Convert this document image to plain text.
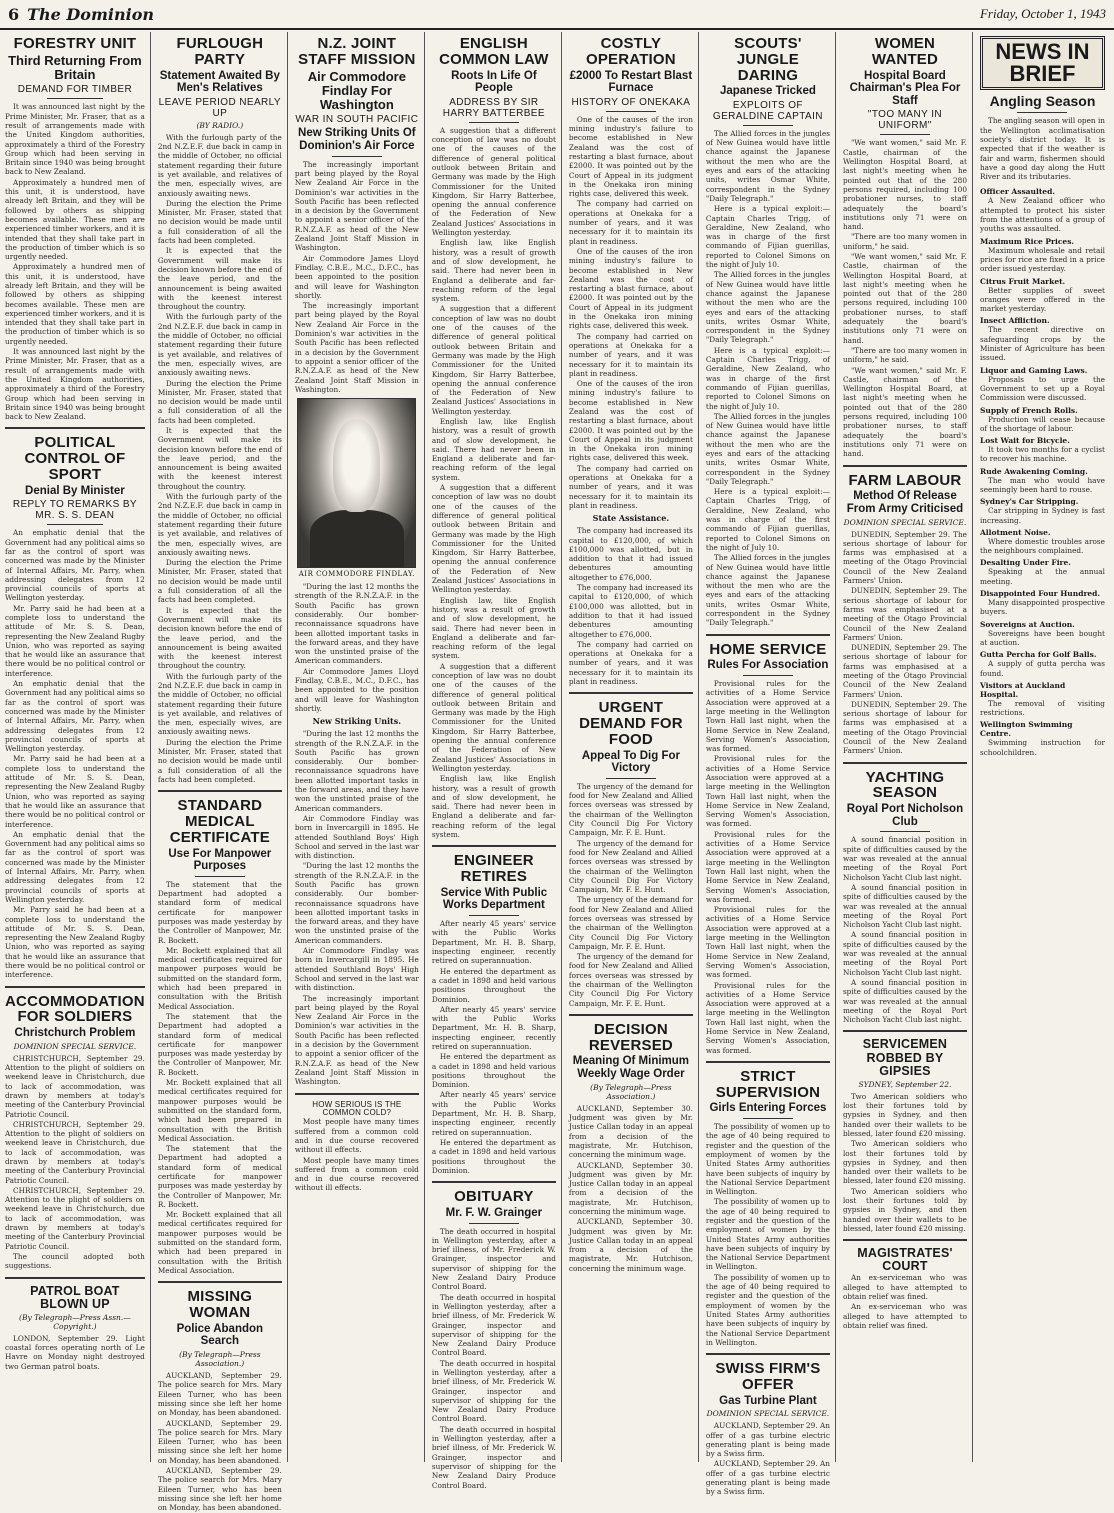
6 The Dominion	Friday, October 1, 1943
FORESTRY UNIT
Third Returning From Britain
DEMAND FOR TIMBER

It was announced last night by the Prime Minister, Mr. Fraser, that as a result of arrangements made with the United Kingdom authorities, approximately a third of the Forestry Group which had been serving in Britain since 1940 was being brought back to New Zealand.

Approximately a hundred men of this unit, it is understood, have already left Britain, and they will be followed by others as shipping becomes available. These men are experienced timber workers, and it is intended that they shall take part in the production of timber which is so urgently needed.

Approximately a hundred men of this unit, it is understood, have already left Britain, and they will be followed by others as shipping becomes available. These men are experienced timber workers, and it is intended that they shall take part in the production of timber which is so urgently needed.

It was announced last night by the Prime Minister, Mr. Fraser, that as a result of arrangements made with the United Kingdom authorities, approximately a third of the Forestry Group which had been serving in Britain since 1940 was being brought back to New Zealand.

POLITICAL CONTROL OF SPORT
Denial By Minister
REPLY TO REMARKS BY MR. S. S. DEAN

An emphatic denial that the Government had any political aims so far as the control of sport was concerned was made by the Minister of Internal Affairs, Mr. Parry, when addressing delegates from 12 provincial councils of sports at Wellington yesterday.

Mr. Parry said he had been at a complete loss to understand the attitude of Mr. S. S. Dean, representing the New Zealand Rugby Union, who was reported as saying that he would like an assurance that there would be no political control or interference.

An emphatic denial that the Government had any political aims so far as the control of sport was concerned was made by the Minister of Internal Affairs, Mr. Parry, when addressing delegates from 12 provincial councils of sports at Wellington yesterday.

Mr. Parry said he had been at a complete loss to understand the attitude of Mr. S. S. Dean, representing the New Zealand Rugby Union, who was reported as saying that he would like an assurance that there would be no political control or interference.

An emphatic denial that the Government had any political aims so far as the control of sport was concerned was made by the Minister of Internal Affairs, Mr. Parry, when addressing delegates from 12 provincial councils of sports at Wellington yesterday.

Mr. Parry said he had been at a complete loss to understand the attitude of Mr. S. S. Dean, representing the New Zealand Rugby Union, who was reported as saying that he would like an assurance that there would be no political control or interference.

ACCOMMODATION FOR SOLDIERS
Christchurch Problem
DOMINION SPECIAL SERVICE.

CHRISTCHURCH, September 29. Attention to the plight of soldiers on weekend leave in Christchurch, due to lack of accommodation, was drawn by members at today's meeting of the Canterbury Provincial Patriotic Council.

CHRISTCHURCH, September 29. Attention to the plight of soldiers on weekend leave in Christchurch, due to lack of accommodation, was drawn by members at today's meeting of the Canterbury Provincial Patriotic Council.

CHRISTCHURCH, September 29. Attention to the plight of soldiers on weekend leave in Christchurch, due to lack of accommodation, was drawn by members at today's meeting of the Canterbury Provincial Patriotic Council.

The council adopted both suggestions.

PATROL BOAT BLOWN UP
(By Telegraph—Press Assn.—Copyright.)

LONDON, September 29. Light coastal forces operating north of Le Havre on Monday night destroyed two German patrol boats.

FURLOUGH PARTY
Statement Awaited By Men's Relatives
LEAVE PERIOD NEARLY UP
(BY RADIO.)

With the furlough party of the 2nd N.Z.E.F. due back in camp in the middle of October, no official statement regarding their future is yet available, and relatives of the men, especially wives, are anxiously awaiting news.

During the election the Prime Minister, Mr. Fraser, stated that no decision would be made until a full consideration of all the facts had been completed.

It is expected that the Government will make its decision known before the end of the leave period, and the announcement is being awaited with the keenest interest throughout the country.

With the furlough party of the 2nd N.Z.E.F. due back in camp in the middle of October, no official statement regarding their future is yet available, and relatives of the men, especially wives, are anxiously awaiting news.

During the election the Prime Minister, Mr. Fraser, stated that no decision would be made until a full consideration of all the facts had been completed.

It is expected that the Government will make its decision known before the end of the leave period, and the announcement is being awaited with the keenest interest throughout the country.

With the furlough party of the 2nd N.Z.E.F. due back in camp in the middle of October, no official statement regarding their future is yet available, and relatives of the men, especially wives, are anxiously awaiting news.

During the election the Prime Minister, Mr. Fraser, stated that no decision would be made until a full consideration of all the facts had been completed.

It is expected that the Government will make its decision known before the end of the leave period, and the announcement is being awaited with the keenest interest throughout the country.

With the furlough party of the 2nd N.Z.E.F. due back in camp in the middle of October, no official statement regarding their future is yet available, and relatives of the men, especially wives, are anxiously awaiting news.

During the election the Prime Minister, Mr. Fraser, stated that no decision would be made until a full consideration of all the facts had been completed.

STANDARD MEDICAL CERTIFICATE
Use For Manpower Purposes

The statement that the Department had adopted a standard form of medical certificate for manpower purposes was made yesterday by the Controller of Manpower, Mr. R. Bockett.

Mr. Bockett explained that all medical certificates required for manpower purposes would be submitted on the standard form, which had been prepared in consultation with the British Medical Association.

The statement that the Department had adopted a standard form of medical certificate for manpower purposes was made yesterday by the Controller of Manpower, Mr. R. Bockett.

Mr. Bockett explained that all medical certificates required for manpower purposes would be submitted on the standard form, which had been prepared in consultation with the British Medical Association.

The statement that the Department had adopted a standard form of medical certificate for manpower purposes was made yesterday by the Controller of Manpower, Mr. R. Bockett.

Mr. Bockett explained that all medical certificates required for manpower purposes would be submitted on the standard form, which had been prepared in consultation with the British Medical Association.

MISSING WOMAN
Police Abandon Search
(By Telegraph—Press Association.)

AUCKLAND, September 29. The police search for Mrs. Mary Eileen Turner, who has been missing since she left her home on Monday, has been abandoned.

AUCKLAND, September 29. The police search for Mrs. Mary Eileen Turner, who has been missing since she left her home on Monday, has been abandoned.

AUCKLAND, September 29. The police search for Mrs. Mary Eileen Turner, who has been missing since she left her home on Monday, has been abandoned.

N.Z. JOINT STAFF MISSION
Air Commodore Findlay For Washington
WAR IN SOUTH PACIFIC
New Striking Units Of Dominion's Air Force

The increasingly important part being played by the Royal New Zealand Air Force in the Dominion's war activities in the South Pacific has been reflected in a decision by the Government to appoint a senior officer of the R.N.Z.A.F. as head of the New Zealand Joint Staff Mission in Washington.

Air Commodore James Lloyd Findlay, C.B.E., M.C., D.F.C., has been appointed to the position and will leave for Washington shortly.

The increasingly important part being played by the Royal New Zealand Air Force in the Dominion's war activities in the South Pacific has been reflected in a decision by the Government to appoint a senior officer of the R.N.Z.A.F. as head of the New Zealand Joint Staff Mission in Washington.

AIR COMMODORE FINDLAY.

"During the last 12 months the strength of the R.N.Z.A.F. in the South Pacific has grown considerably. Our bomber-reconnaissance squadrons have been allotted important tasks in the forward areas, and they have won the unstinted praise of the American commanders.

Air Commodore James Lloyd Findlay, C.B.E., M.C., D.F.C., has been appointed to the position and will leave for Washington shortly.

New Striking Units.

"During the last 12 months the strength of the R.N.Z.A.F. in the South Pacific has grown considerably. Our bomber-reconnaissance squadrons have been allotted important tasks in the forward areas, and they have won the unstinted praise of the American commanders.

Air Commodore Findlay was born in Invercargill in 1895. He attended Southland Boys' High School and served in the last war with distinction.

"During the last 12 months the strength of the R.N.Z.A.F. in the South Pacific has grown considerably. Our bomber-reconnaissance squadrons have been allotted important tasks in the forward areas, and they have won the unstinted praise of the American commanders.

Air Commodore Findlay was born in Invercargill in 1895. He attended Southland Boys' High School and served in the last war with distinction.

The increasingly important part being played by the Royal New Zealand Air Force in the Dominion's war activities in the South Pacific has been reflected in a decision by the Government to appoint a senior officer of the R.N.Z.A.F. as head of the New Zealand Joint Staff Mission in Washington.

HOW SERIOUS IS THE COMMON COLD?

Most people have many times suffered from a common cold and in due course recovered without ill effects.

Most people have many times suffered from a common cold and in due course recovered without ill effects.

ENGLISH COMMON LAW
Roots In Life Of People
ADDRESS BY SIR HARRY BATTERBEE

A suggestion that a different conception of law was no doubt one of the causes of the difference of general political outlook between Britain and Germany was made by the High Commissioner for the United Kingdom, Sir Harry Batterbee, opening the annual conference of the Federation of New Zealand Justices' Associations in Wellington yesterday.

English law, like English history, was a result of growth and of slow development, he said. There had never been in England a deliberate and far-reaching reform of the legal system.

A suggestion that a different conception of law was no doubt one of the causes of the difference of general political outlook between Britain and Germany was made by the High Commissioner for the United Kingdom, Sir Harry Batterbee, opening the annual conference of the Federation of New Zealand Justices' Associations in Wellington yesterday.

English law, like English history, was a result of growth and of slow development, he said. There had never been in England a deliberate and far-reaching reform of the legal system.

A suggestion that a different conception of law was no doubt one of the causes of the difference of general political outlook between Britain and Germany was made by the High Commissioner for the United Kingdom, Sir Harry Batterbee, opening the annual conference of the Federation of New Zealand Justices' Associations in Wellington yesterday.

English law, like English history, was a result of growth and of slow development, he said. There had never been in England a deliberate and far-reaching reform of the legal system.

A suggestion that a different conception of law was no doubt one of the causes of the difference of general political outlook between Britain and Germany was made by the High Commissioner for the United Kingdom, Sir Harry Batterbee, opening the annual conference of the Federation of New Zealand Justices' Associations in Wellington yesterday.

English law, like English history, was a result of growth and of slow development, he said. There had never been in England a deliberate and far-reaching reform of the legal system.

ENGINEER RETIRES
Service With Public Works Department

After nearly 45 years' service with the Public Works Department, Mr. H. B. Sharp, inspecting engineer, recently retired on superannuation.

He entered the department as a cadet in 1898 and held various positions throughout the Dominion.

After nearly 45 years' service with the Public Works Department, Mr. H. B. Sharp, inspecting engineer, recently retired on superannuation.

He entered the department as a cadet in 1898 and held various positions throughout the Dominion.

After nearly 45 years' service with the Public Works Department, Mr. H. B. Sharp, inspecting engineer, recently retired on superannuation.

He entered the department as a cadet in 1898 and held various positions throughout the Dominion.

OBITUARY
Mr. F. W. Grainger

The death occurred in hospital in Wellington yesterday, after a brief illness, of Mr. Frederick W. Grainger, inspector and supervisor of shipping for the New Zealand Dairy Produce Control Board.

The death occurred in hospital in Wellington yesterday, after a brief illness, of Mr. Frederick W. Grainger, inspector and supervisor of shipping for the New Zealand Dairy Produce Control Board.

The death occurred in hospital in Wellington yesterday, after a brief illness, of Mr. Frederick W. Grainger, inspector and supervisor of shipping for the New Zealand Dairy Produce Control Board.

The death occurred in hospital in Wellington yesterday, after a brief illness, of Mr. Frederick W. Grainger, inspector and supervisor of shipping for the New Zealand Dairy Produce Control Board.

COSTLY OPERATION
£2000 To Restart Blast Furnace
HISTORY OF ONEKAKA

One of the causes of the iron mining industry's failure to become established in New Zealand was the cost of restarting a blast furnace, about £2000. It was pointed out by the Court of Appeal in its judgment in the Onekaka iron mining rights case, delivered this week.

The company had carried on operations at Onekaka for a number of years, and it was necessary for it to maintain its plant in readiness.

One of the causes of the iron mining industry's failure to become established in New Zealand was the cost of restarting a blast furnace, about £2000. It was pointed out by the Court of Appeal in its judgment in the Onekaka iron mining rights case, delivered this week.

The company had carried on operations at Onekaka for a number of years, and it was necessary for it to maintain its plant in readiness.

One of the causes of the iron mining industry's failure to become established in New Zealand was the cost of restarting a blast furnace, about £2000. It was pointed out by the Court of Appeal in its judgment in the Onekaka iron mining rights case, delivered this week.

The company had carried on operations at Onekaka for a number of years, and it was necessary for it to maintain its plant in readiness.

State Assistance.

The company had increased its capital to £120,000, of which £100,000 was allotted, but in addition to that it had issued debentures amounting altogether to £76,000.

The company had increased its capital to £120,000, of which £100,000 was allotted, but in addition to that it had issued debentures amounting altogether to £76,000.

The company had carried on operations at Onekaka for a number of years, and it was necessary for it to maintain its plant in readiness.

URGENT DEMAND FOR FOOD
Appeal To Dig For Victory

The urgency of the demand for food for New Zealand and Allied forces overseas was stressed by the chairman of the Wellington City Council Dig For Victory Campaign, Mr. F. E. Hunt.

The urgency of the demand for food for New Zealand and Allied forces overseas was stressed by the chairman of the Wellington City Council Dig For Victory Campaign, Mr. F. E. Hunt.

The urgency of the demand for food for New Zealand and Allied forces overseas was stressed by the chairman of the Wellington City Council Dig For Victory Campaign, Mr. F. E. Hunt.

The urgency of the demand for food for New Zealand and Allied forces overseas was stressed by the chairman of the Wellington City Council Dig For Victory Campaign, Mr. F. E. Hunt.

DECISION REVERSED
Meaning Of Minimum Weekly Wage Order
(By Telegraph—Press Association.)

AUCKLAND, September 30. Judgment was given by Mr. Justice Callan today in an appeal from a decision of the magistrate, Mr. Hutchison, concerning the minimum wage.

AUCKLAND, September 30. Judgment was given by Mr. Justice Callan today in an appeal from a decision of the magistrate, Mr. Hutchison, concerning the minimum wage.

AUCKLAND, September 30. Judgment was given by Mr. Justice Callan today in an appeal from a decision of the magistrate, Mr. Hutchison, concerning the minimum wage.

SCOUTS' JUNGLE DARING
Japanese Tricked
EXPLOITS OF GERALDINE CAPTAIN

The Allied forces in the jungles of New Guinea would have little chance against the Japanese without the men who are the eyes and ears of the attacking units, writes Osmar White, correspondent in the Sydney "Daily Telegraph."

Here is a typical exploit:—Captain Charles Trigg, of Geraldine, New Zealand, who was in charge of the first commando of Fijian guerillas, reported to Colonel Simons on the night of July 10.

The Allied forces in the jungles of New Guinea would have little chance against the Japanese without the men who are the eyes and ears of the attacking units, writes Osmar White, correspondent in the Sydney "Daily Telegraph."

Here is a typical exploit:—Captain Charles Trigg, of Geraldine, New Zealand, who was in charge of the first commando of Fijian guerillas, reported to Colonel Simons on the night of July 10.

The Allied forces in the jungles of New Guinea would have little chance against the Japanese without the men who are the eyes and ears of the attacking units, writes Osmar White, correspondent in the Sydney "Daily Telegraph."

Here is a typical exploit:—Captain Charles Trigg, of Geraldine, New Zealand, who was in charge of the first commando of Fijian guerillas, reported to Colonel Simons on the night of July 10.

The Allied forces in the jungles of New Guinea would have little chance against the Japanese without the men who are the eyes and ears of the attacking units, writes Osmar White, correspondent in the Sydney "Daily Telegraph."

HOME SERVICE
Rules For Association

Provisional rules for the activities of a Home Service Association were approved at a large meeting in the Wellington Town Hall last night, when the Home Service in New Zealand, Serving Women's Association, was formed.

Provisional rules for the activities of a Home Service Association were approved at a large meeting in the Wellington Town Hall last night, when the Home Service in New Zealand, Serving Women's Association, was formed.

Provisional rules for the activities of a Home Service Association were approved at a large meeting in the Wellington Town Hall last night, when the Home Service in New Zealand, Serving Women's Association, was formed.

Provisional rules for the activities of a Home Service Association were approved at a large meeting in the Wellington Town Hall last night, when the Home Service in New Zealand, Serving Women's Association, was formed.

Provisional rules for the activities of a Home Service Association were approved at a large meeting in the Wellington Town Hall last night, when the Home Service in New Zealand, Serving Women's Association, was formed.

STRICT SUPERVISION
Girls Entering Forces

The possibility of women up to the age of 40 being required to register and the question of the employment of women by the United States Army authorities have been subjects of inquiry by the National Service Department in Wellington.

The possibility of women up to the age of 40 being required to register and the question of the employment of women by the United States Army authorities have been subjects of inquiry by the National Service Department in Wellington.

The possibility of women up to the age of 40 being required to register and the question of the employment of women by the United States Army authorities have been subjects of inquiry by the National Service Department in Wellington.

SWISS FIRM'S OFFER
Gas Turbine Plant
DOMINION SPECIAL SERVICE.

AUCKLAND, September 29. An offer of a gas turbine electric generating plant is being made by a Swiss firm.

AUCKLAND, September 29. An offer of a gas turbine electric generating plant is being made by a Swiss firm.

WOMEN WANTED
Hospital Board Chairman's Plea For Staff
"TOO MANY IN UNIFORM"

"We want women," said Mr. F. Castle, chairman of the Wellington Hospital Board, at last night's meeting when he pointed out that of the 280 persons required, including 100 probationer nurses, to staff adequately the board's institutions only 71 were on hand.

"There are too many women in uniform," he said.

"We want women," said Mr. F. Castle, chairman of the Wellington Hospital Board, at last night's meeting when he pointed out that of the 280 persons required, including 100 probationer nurses, to staff adequately the board's institutions only 71 were on hand.

"There are too many women in uniform," he said.

"We want women," said Mr. F. Castle, chairman of the Wellington Hospital Board, at last night's meeting when he pointed out that of the 280 persons required, including 100 probationer nurses, to staff adequately the board's institutions only 71 were on hand.

FARM LABOUR
Method Of Release From Army Criticised
DOMINION SPECIAL SERVICE.

DUNEDIN, September 29. The serious shortage of labour for farms was emphasised at a meeting of the Otago Provincial Council of the New Zealand Farmers' Union.

DUNEDIN, September 29. The serious shortage of labour for farms was emphasised at a meeting of the Otago Provincial Council of the New Zealand Farmers' Union.

DUNEDIN, September 29. The serious shortage of labour for farms was emphasised at a meeting of the Otago Provincial Council of the New Zealand Farmers' Union.

DUNEDIN, September 29. The serious shortage of labour for farms was emphasised at a meeting of the Otago Provincial Council of the New Zealand Farmers' Union.

YACHTING SEASON
Royal Port Nicholson Club

A sound financial position in spite of difficulties caused by the war was revealed at the annual meeting of the Royal Port Nicholson Yacht Club last night.

A sound financial position in spite of difficulties caused by the war was revealed at the annual meeting of the Royal Port Nicholson Yacht Club last night.

A sound financial position in spite of difficulties caused by the war was revealed at the annual meeting of the Royal Port Nicholson Yacht Club last night.

A sound financial position in spite of difficulties caused by the war was revealed at the annual meeting of the Royal Port Nicholson Yacht Club last night.

SERVICEMEN ROBBED BY GIPSIES
SYDNEY, September 22.

Two American soldiers who lost their fortunes told by gypsies in Sydney, and then handed over their wallets to be blessed, later found £20 missing.

Two American soldiers who lost their fortunes told by gypsies in Sydney, and then handed over their wallets to be blessed, later found £20 missing.

Two American soldiers who lost their fortunes told by gypsies in Sydney, and then handed over their wallets to be blessed, later found £20 missing.

MAGISTRATES' COURT

An ex-serviceman who was alleged to have attempted to obtain relief was fined.

An ex-serviceman who was alleged to have attempted to obtain relief was fined.

NEWS IN BRIEF
Angling Season

The angling season will open in the Wellington acclimatisation society's district today. It is expected that if the weather is fair and warm, fishermen should have a good day along the Hutt River and its tributaries.

Officer Assaulted.

A New Zealand officer who attempted to protect his sister from the attentions of a group of youths was assaulted.

Maximum Rice Prices.

Maximum wholesale and retail prices for rice are fixed in a price order issued yesterday.

Citrus Fruit Market.

Better supplies of sweet oranges were offered in the market yesterday.

Insect Affliction.

The recent directive on safeguarding crops by the Minister of Agriculture has been issued.

Liquor and Gaming Laws.

Proposals to urge the Government to set up a Royal Commission were discussed.

Supply of French Rolls.

Production will cease because of the shortage of labour.

Lost Wait for Bicycle.

It took two months for a cyclist to recover his machine.

Rude Awakening Coming.

The man who would have seemingly been hard to rouse.

Sydney's Car Stripping.

Car stripping in Sydney is fast increasing.

Allotment Noise.

Where domestic troubles arose the neighbours complained.

Desalting Under Fire.

Speaking at the annual meeting.

Disappointed Four Hundred.

Many disappointed prospective buyers.

Sovereigns at Auction.

Sovereigns have been bought at auction.

Gutta Percha for Golf Balls.

A supply of gutta percha was found.

Visitors at Auckland Hospital.

The removal of visiting restrictions.

Wellington Swimming Centre.

Swimming instruction for schoolchildren.
